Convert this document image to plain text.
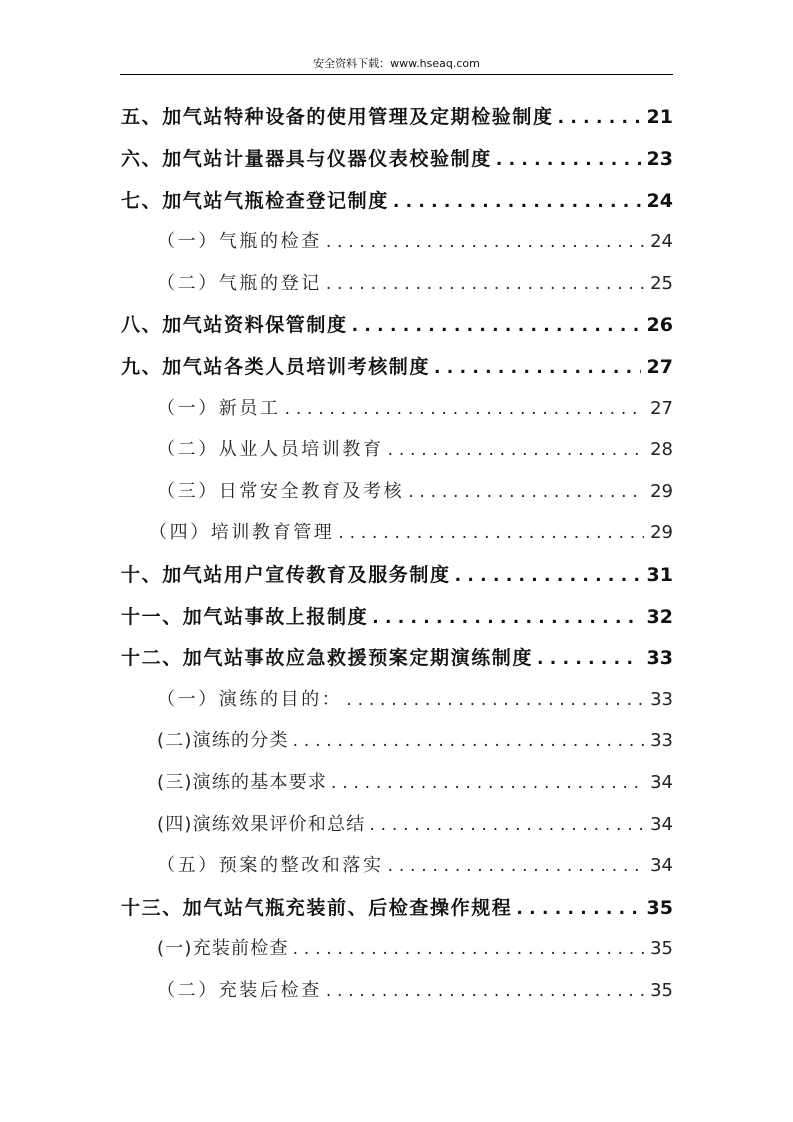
安全资料下载：www.hseaq.com
五、加气站特种设备的使用管理及定期检验制度 . . .	21
六、加气站计量器具与仪器仪表校验制度 . . .	23
七、加气站气瓶检查登记制度 . . .	24
（一）气瓶的检查 . . .	24
（二）气瓶的登记 . . .	25
八、加气站资料保管制度 . . .	26
九、加气站各类人员培训考核制度 . . .	27
（一）新员工 . . .	27
（二）从业人员培训教育 . . .	28
（三）日常安全教育及考核 . . .	29
（四）培训教育管理 . . .	29
十、加气站用户宣传教育及服务制度 . . .	31
十一、加气站事故上报制度 . . .	32
十二、加气站事故应急救援预案定期演练制度 . . .	33
（一）演练的目的： . . .	33
(二)演练的分类 . . .	33
(三)演练的基本要求 . . .	34
(四)演练效果评价和总结 . . .	34
（五）预案的整改和落实 . . .	34
十三、加气站气瓶充装前、后检查操作规程 . . .	35
(一)充装前检查 . . .	35
（二）充装后检查 . . .	35
